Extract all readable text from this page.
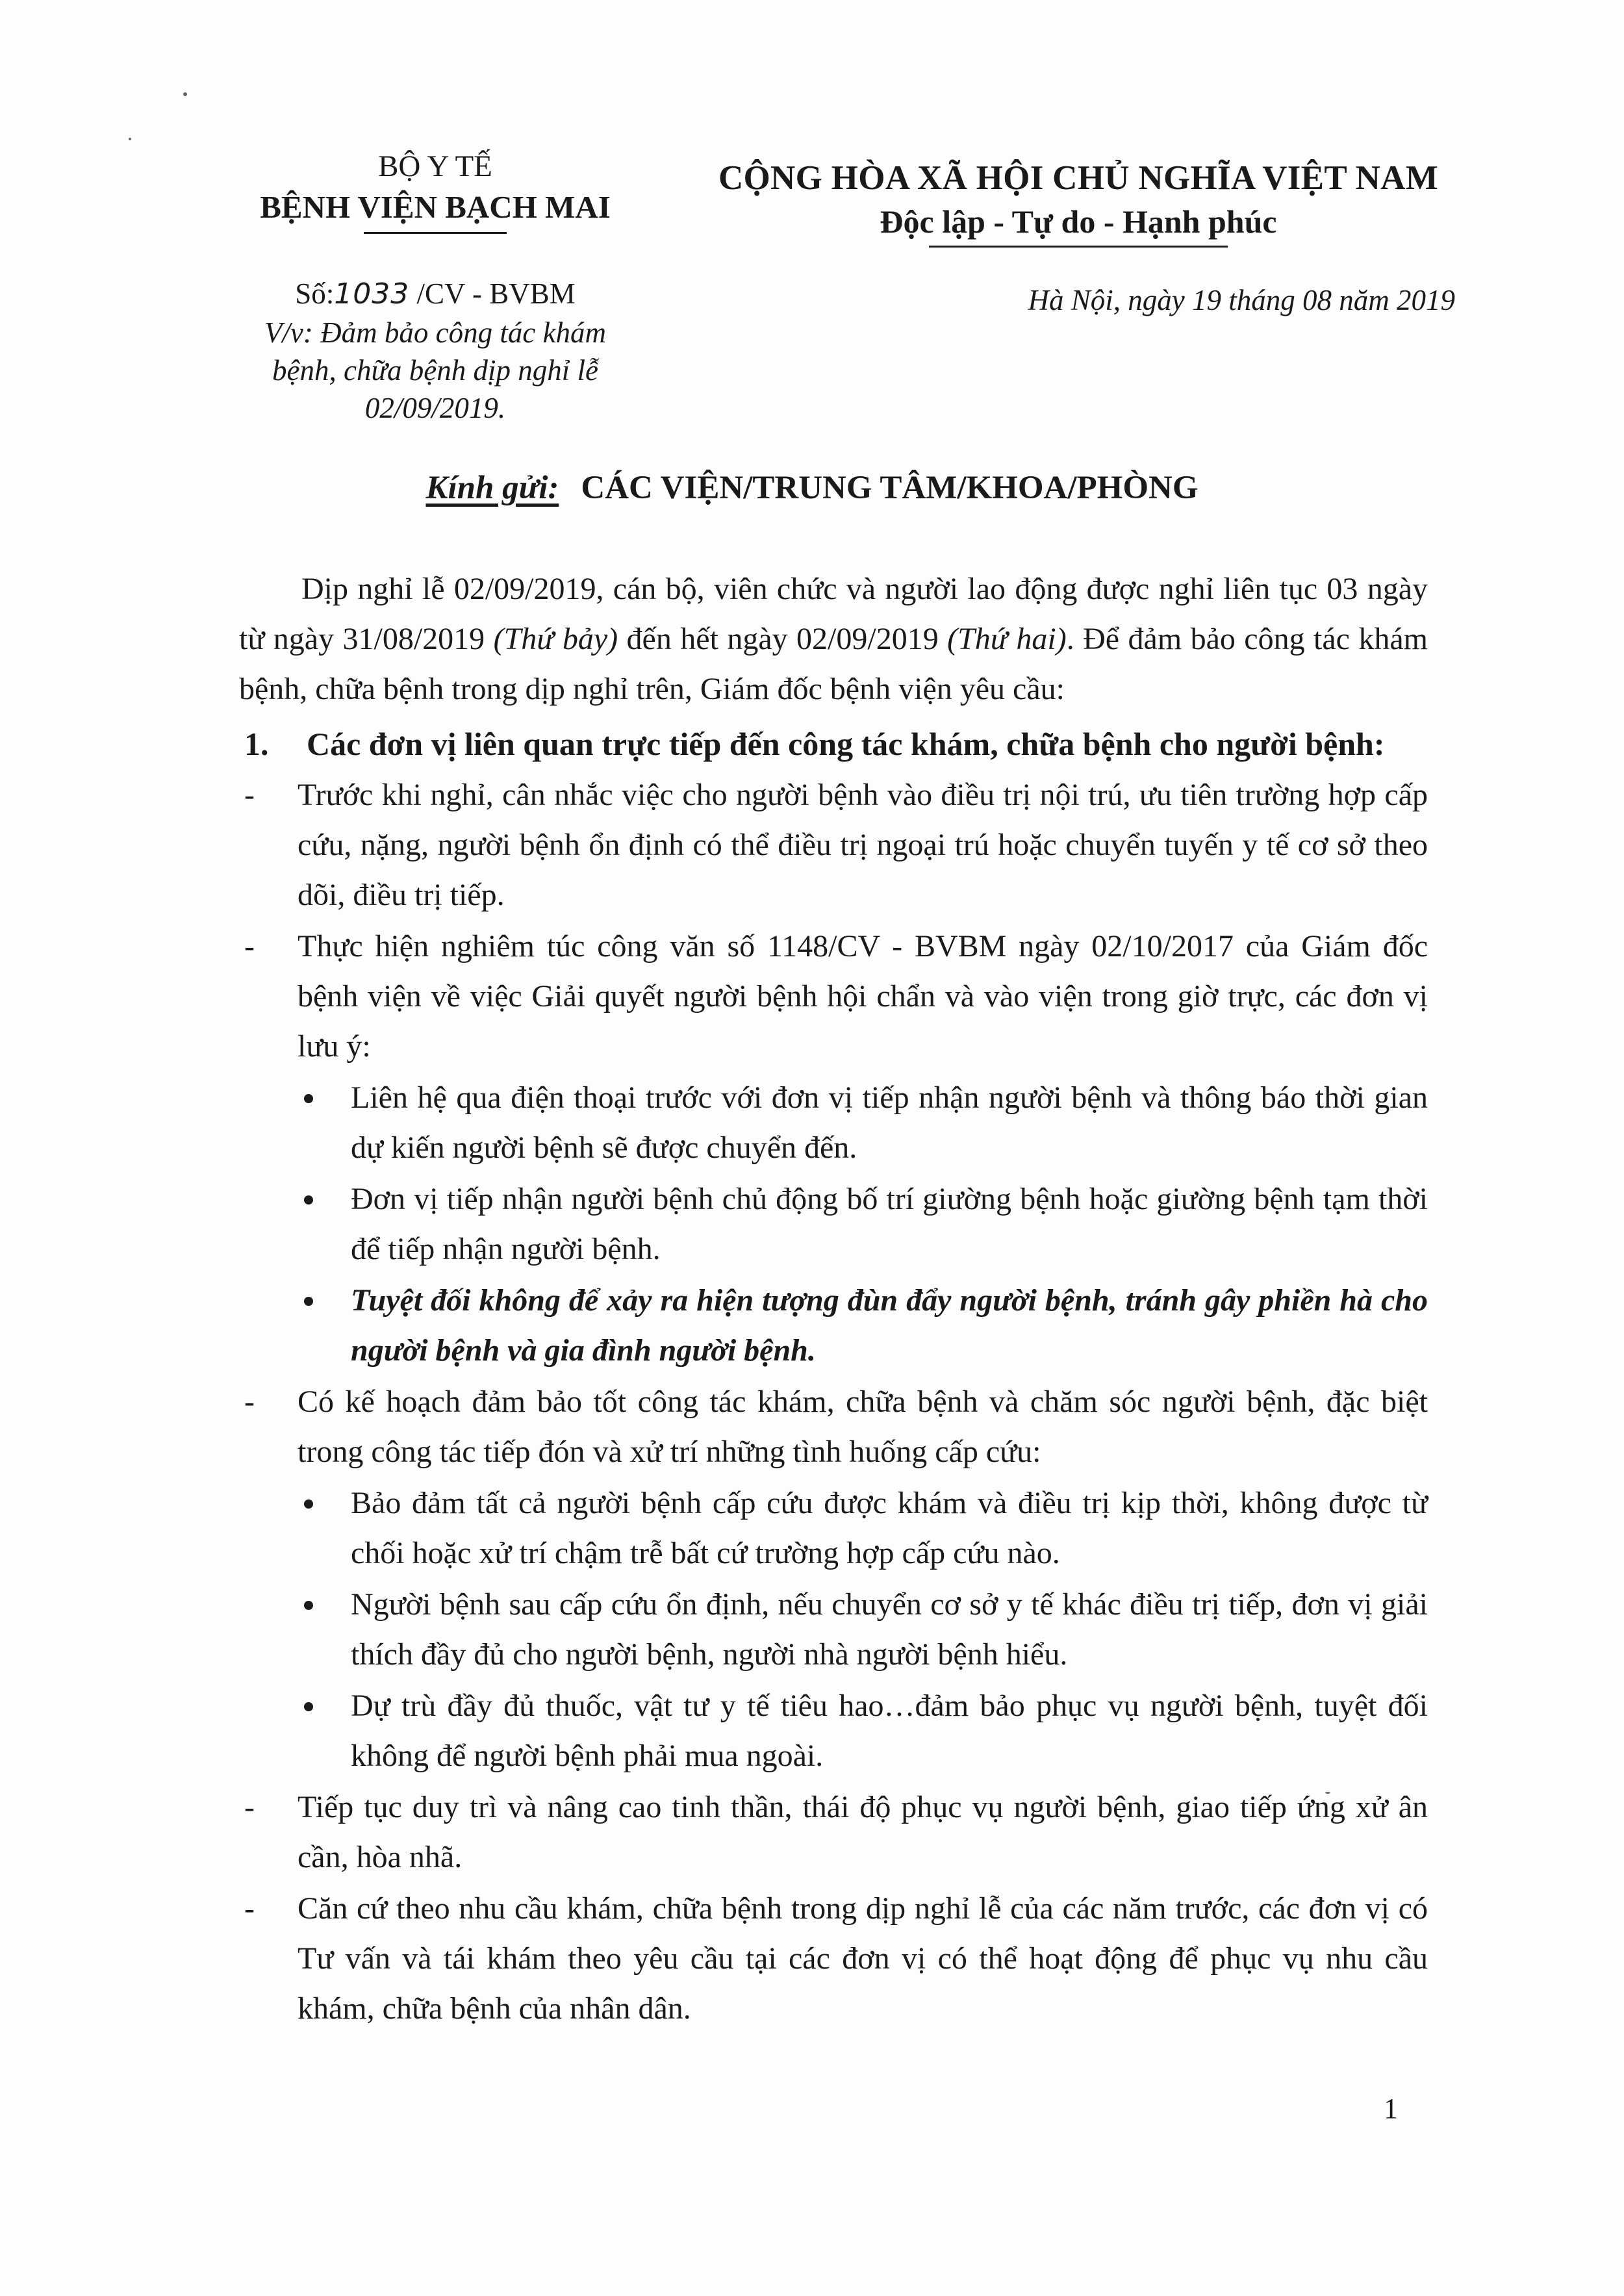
BỘ Y TẾ
BỆNH VIỆN BẠCH MAI
Số:1033 /CV - BVBM
V/v: Đảm bảo công tác khám
bệnh, chữa bệnh dịp nghỉ lễ
02/09/2019.
CỘNG HÒA XÃ HỘI CHỦ NGHĨA VIỆT NAM
Độc lập - Tự do - Hạnh phúc
Hà Nội, ngày 19 tháng 08 năm 2019
Kính gửi: CÁC VIỆN/TRUNG TÂM/KHOA/PHÒNG

  Dịp nghỉ lễ 02/09/2019, cán bộ, viên chức và người lao động được nghỉ liên tục 03 ngày từ ngày 31/08/2019 (Thứ bảy) đến hết ngày 02/09/2019 (Thứ hai). Để đảm bảo công tác khám bệnh, chữa bệnh trong dịp nghỉ trên, Giám đốc bệnh viện yêu cầu:

1.	Các đơn vị liên quan trực tiếp đến công tác khám, chữa bệnh cho người bệnh:
-	Trước khi nghỉ, cân nhắc việc cho người bệnh vào điều trị nội trú, ưu tiên trường hợp cấp cứu, nặng, người bệnh ổn định có thể điều trị ngoại trú hoặc chuyển tuyến y tế cơ sở theo dõi, điều trị tiếp.
-	Thực hiện nghiêm túc công văn số 1148/CV - BVBM ngày 02/10/2017 của Giám đốc bệnh viện về việc Giải quyết người bệnh hội chẩn và vào viện trong giờ trực, các đơn vị lưu ý:
Liên hệ qua điện thoại trước với đơn vị tiếp nhận người bệnh và thông báo thời gian dự kiến người bệnh sẽ được chuyển đến.
Đơn vị tiếp nhận người bệnh chủ động bố trí giường bệnh hoặc giường bệnh tạm thời để tiếp nhận người bệnh.
Tuyệt đối không để xảy ra hiện tượng đùn đẩy người bệnh, tránh gây phiền hà cho người bệnh và gia đình người bệnh.
-	Có kế hoạch đảm bảo tốt công tác khám, chữa bệnh và chăm sóc người bệnh, đặc biệt trong công tác tiếp đón và xử trí những tình huống cấp cứu:
Bảo đảm tất cả người bệnh cấp cứu được khám và điều trị kịp thời, không được từ chối hoặc xử trí chậm trễ bất cứ trường hợp cấp cứu nào.
Người bệnh sau cấp cứu ổn định, nếu chuyển cơ sở y tế khác điều trị tiếp, đơn vị giải thích đầy đủ cho người bệnh, người nhà người bệnh hiểu.
Dự trù đầy đủ thuốc, vật tư y tế tiêu hao…đảm bảo phục vụ người bệnh, tuyệt đối không để người bệnh phải mua ngoài.
-	Tiếp tục duy trì và nâng cao tinh thần, thái độ phục vụ người bệnh, giao tiếp ứng xử ân cần, hòa nhã.
-	Căn cứ theo nhu cầu khám, chữa bệnh trong dịp nghỉ lễ của các năm trước, các đơn vị có Tư vấn và tái khám theo yêu cầu tại các đơn vị có thể hoạt động để phục vụ nhu cầu khám, chữa bệnh của nhân dân.
1
